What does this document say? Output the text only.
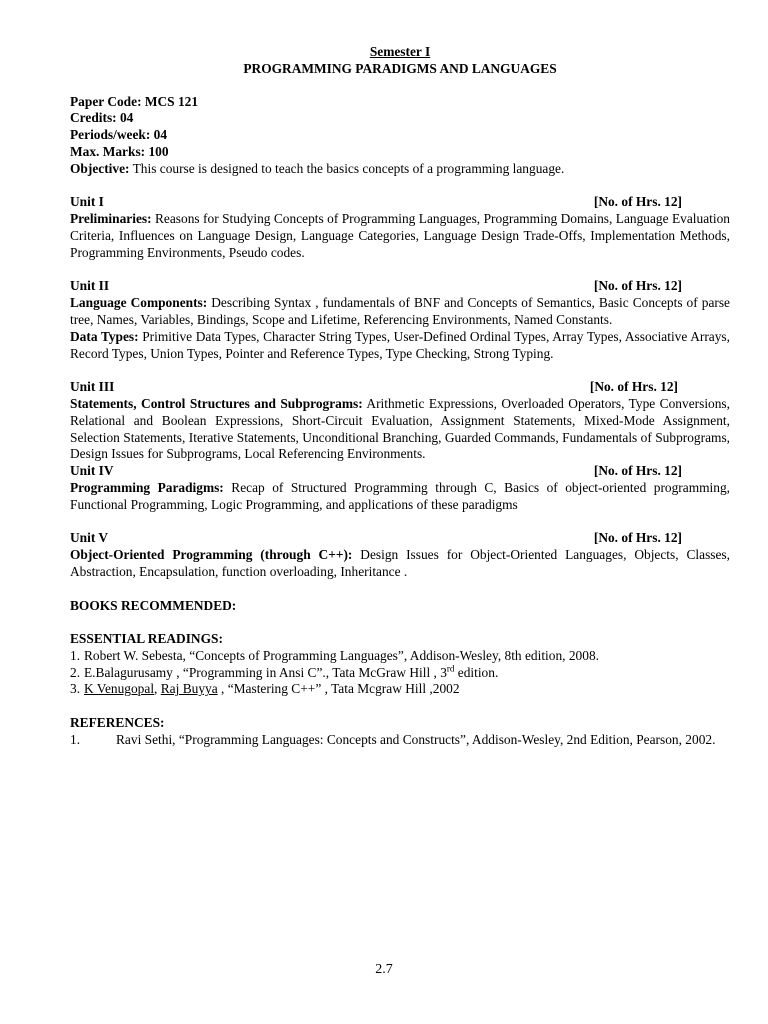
Semester I
PROGRAMMING PARADIGMS AND LANGUAGES
Paper Code: MCS 121
Credits: 04
Periods/week: 04
Max. Marks: 100
Objective: This course is designed to teach the basics concepts of a programming language.
Unit I	[No. of Hrs. 12]
Preliminaries: Reasons for Studying Concepts of Programming Languages, Programming Domains, Language Evaluation Criteria, Influences on Language Design, Language Categories, Language Design Trade-Offs, Implementation Methods, Programming Environments, Pseudo codes.
Unit II	[No. of Hrs. 12]
Language Components: Describing Syntax , fundamentals of BNF and Concepts of Semantics, Basic Concepts of parse tree, Names, Variables, Bindings, Scope and Lifetime, Referencing Environments, Named Constants.
Data Types: Primitive Data Types, Character String Types, User-Defined Ordinal Types, Array Types, Associative Arrays, Record Types, Union Types, Pointer and Reference Types, Type Checking, Strong Typing.
Unit III	[No. of Hrs. 12]
Statements, Control Structures and Subprograms: Arithmetic Expressions, Overloaded Operators, Type Conversions, Relational and Boolean Expressions, Short-Circuit Evaluation, Assignment Statements, Mixed-Mode Assignment, Selection Statements, Iterative Statements, Unconditional Branching, Guarded Commands, Fundamentals of Subprograms, Design Issues for Subprograms, Local Referencing Environments.
Unit IV	[No. of Hrs. 12]
Programming Paradigms: Recap of Structured Programming through C, Basics of object-oriented programming, Functional Programming, Logic Programming, and applications of these paradigms
Unit V	[No. of Hrs. 12]
Object-Oriented Programming (through C++): Design Issues for Object-Oriented Languages, Objects, Classes, Abstraction, Encapsulation, function overloading, Inheritance .
BOOKS RECOMMENDED:
ESSENTIAL READINGS:
1. Robert W. Sebesta, “Concepts of Programming Languages”, Addison-Wesley, 8th edition, 2008.
2. E.Balagurusamy , “Programming in Ansi C”., Tata McGraw Hill , 3rd edition.
3. K Venugopal, Raj Buyya , “Mastering C++” , Tata Mcgraw Hill ,2002
REFERENCES:
1.	Ravi Sethi, “Programming Languages: Concepts and Constructs”, Addison-Wesley, 2nd Edition, Pearson, 2002.
2.7
